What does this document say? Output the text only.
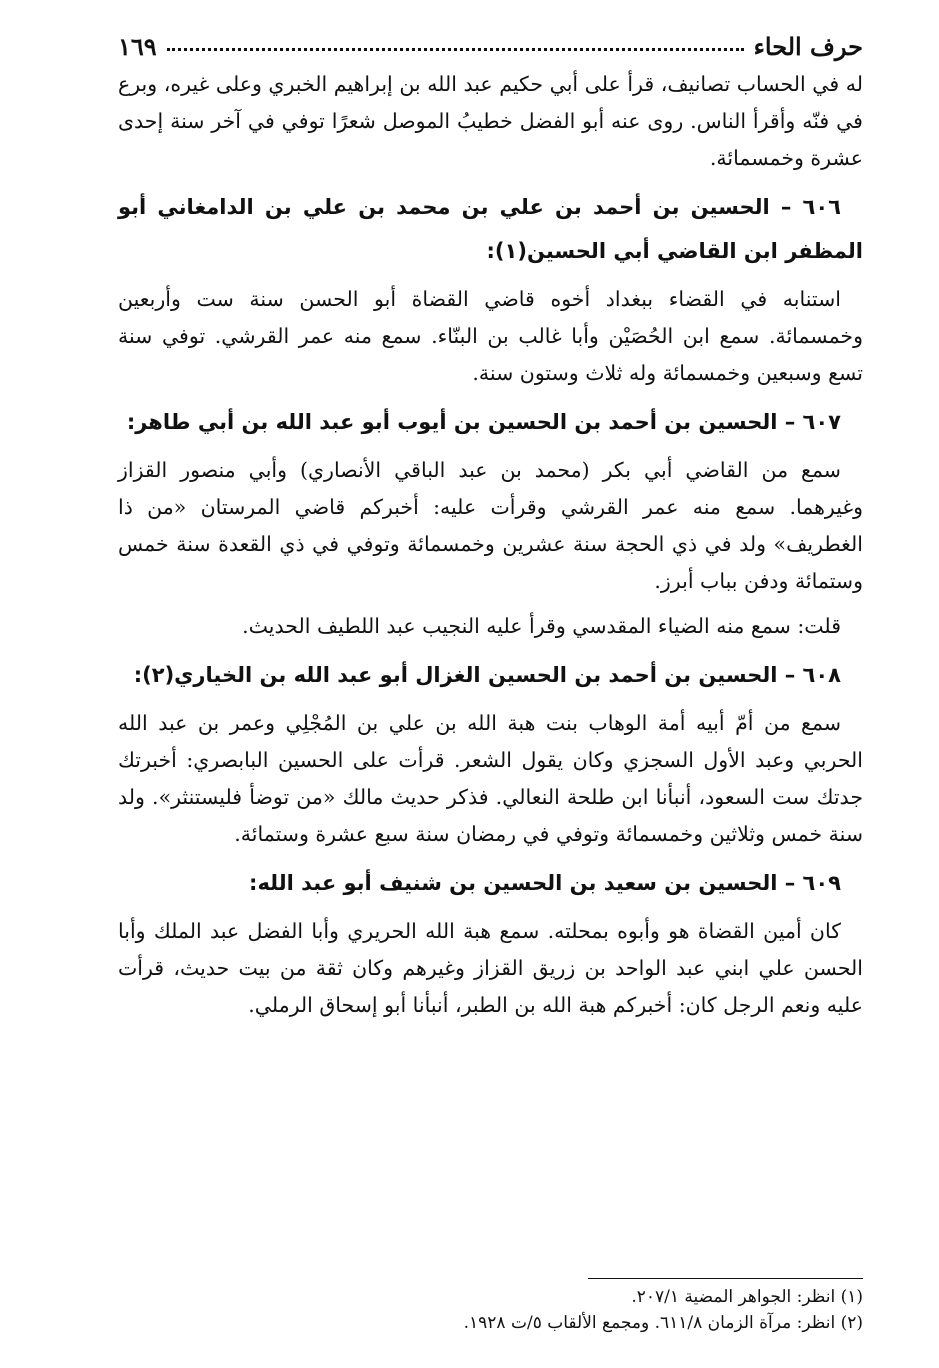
حرف الحاء
١٦٩

له في الحساب تصانيف، قرأ على أبي حكيم عبد الله بن إبراهيم الخبري وعلى غيره، وبرع في فنّه وأقرأ الناس. روى عنه أبو الفضل خطيبُ الموصل شعرًا توفي في آخر سنة إحدى عشرة وخمسمائة.

٦٠٦ – الحسين بن أحمد بن علي بن محمد بن علي بن الدامغاني أبو المظفر ابن القاضي أبي الحسين(١):

استنابه في القضاء ببغداد أخوه قاضي القضاة أبو الحسن سنة ست وأربعين وخمسمائة. سمع ابن الحُصَيْن وأبا غالب بن البنّاء. سمع منه عمر القرشي. توفي سنة تسع وسبعين وخمسمائة وله ثلاث وستون سنة.

٦٠٧ – الحسين بن أحمد بن الحسين بن أيوب أبو عبد الله بن أبي طاهر:

سمع من القاضي أبي بكر (محمد بن عبد الباقي الأنصاري) وأبي منصور القزاز وغيرهما. سمع منه عمر القرشي وقرأت عليه: أخبركم قاضي المرستان «من ذا الغطريف» ولد في ذي الحجة سنة عشرين وخمسمائة وتوفي في ذي القعدة سنة خمس وستمائة ودفن بباب أبرز.

قلت: سمع منه الضياء المقدسي وقرأ عليه النجيب عبد اللطيف الحديث.

٦٠٨ – الحسين بن أحمد بن الحسين الغزال أبو عبد الله بن الخياري(٢):

سمع من أمّ أبيه أمة الوهاب بنت هبة الله بن علي بن المُجْلِي وعمر بن عبد الله الحربي وعبد الأول السجزي وكان يقول الشعر. قرأت على الحسين البابصري: أخبرتك جدتك ست السعود، أنبأنا ابن طلحة النعالي. فذكر حديث مالك «من توضأ فليستنثر». ولد سنة خمس وثلاثين وخمسمائة وتوفي في رمضان سنة سبع عشرة وستمائة.

٦٠٩ – الحسين بن سعيد بن الحسين بن شنيف أبو عبد الله:

كان أمين القضاة هو وأبوه بمحلته. سمع هبة الله الحريري وأبا الفضل عبد الملك وأبا الحسن علي ابني عبد الواحد بن زريق القزاز وغيرهم وكان ثقة من بيت حديث، قرأت عليه ونعم الرجل كان: أخبركم هبة الله بن الطبر، أنبأنا أبو إسحاق الرملي.

(١) انظر: الجواهر المضية ٢٠٧/١.
(٢) انظر: مرآة الزمان ٦١١/٨. ومجمع الألقاب ٥/ت ١٩٢٨.
